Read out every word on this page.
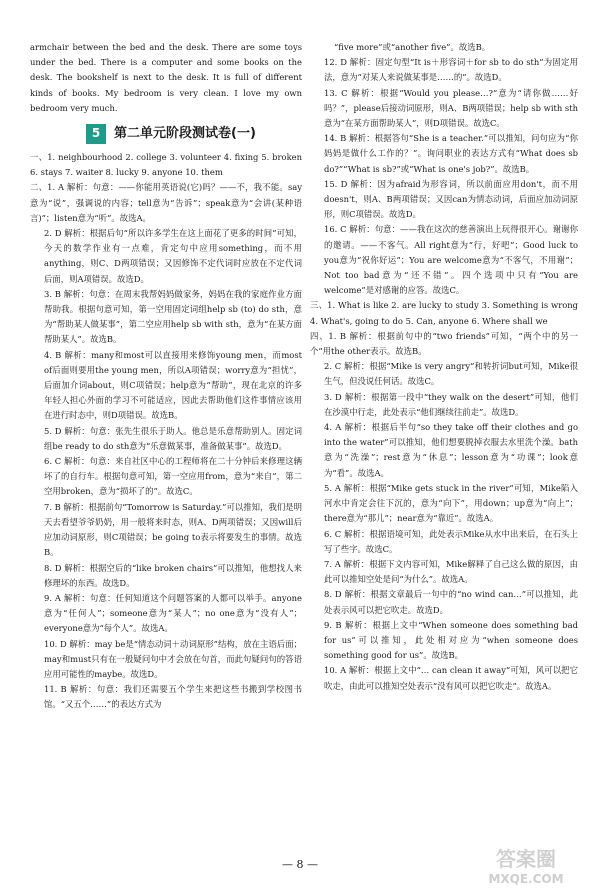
armchair between the bed and the desk. There are some toys under the bed. There is a computer and some books on the desk. The bookshelf is next to the desk. It is full of different kinds of books. My bedroom is very clean. I love my own bedroom very much.

5	第二单元阶段测试卷(一)

一、1. neighbourhood 2. college 3. volunteer 4. fixing 5. broken 6. stays 7. waiter 8. lucky 9. anyone 10. them

二、1. A 解析：句意：——你能用英语说(它)吗？——不，我不能。say意为“说”，强调说的内容；tell意为“告诉”；speak意为“会讲(某种语言)”；listen意为“听”。故选A。

2. D 解析：根据后句“所以许多学生在这上面花了更多的时间”可知，今天的数学作业有一点难，肯定句中应用something，而不用anything，则C、D两项错误；又因修饰不定代词时应放在不定代词后面，则A项错误。故选D。

3. B 解析：句意：在周末我帮妈妈做家务，妈妈在我的家庭作业方面帮助我。根据句意可知，第一空用固定词组help sb (to) do sth，意为“帮助某人做某事”，第二空应用help sb with sth，意为“在某方面帮助某人”。故选B。

4. B 解析：many和most可以直接用来修饰young men，而most of后面则要用the young men，所以A项错误；worry意为“担忧”，后面加介词about，则C项错误；help意为“帮助”，现在北京的许多年轻人担心外面的学习不可能适应，因此去帮助他们这件事情应该用在进行时态中，则D项错误。故选B。

5. D 解析：句意：张先生很乐于助人。他总是乐意帮助别人。固定词组be ready to do sth意为“乐意做某事，准备做某事”。故选D。

6. C 解析：句意：来自社区中心的工程师将在二十分钟后来修理这辆坏了的自行车。根据句意可知，第一空应用from，意为“来自”，第二空用broken，意为“损坏了的”。故选C。

7. B 解析：根据前句“Tomorrow is Saturday.”可以推知，我们是明天去看望爷爷奶奶，用一般将来时态，则A、D两项错误；又因will后应加动词原形，则C项错误；be going to表示将要发生的事情。故选B。

8. D 解析：根据空后的“like broken chairs”可以推知，他想找人来修理坏的东西。故选D。

9. A 解析：句意：任何知道这个问题答案的人都可以举手。anyone意为“任何人”；someone意为“某人”；no one意为“没有人”；everyone意为“每个人”。故选A。

10. D 解析：may be是“情态动词＋动词原形”结构，放在主语后面；may和must只有在一般疑问句中才会放在句首，而此句疑问句的答语应用可能性的maybe。故选D。

11. B 解析：句意：我们还需要五个学生来把这些书搬到学校图书馆。“又五个……”的表达方式为

“five more”或“another five”。故选B。

12. D 解析：固定句型“It is＋形容词＋for sb to do sth”为固定用法，意为“对某人来说做某事是……的”。故选D。

13. C 解析：根据“Would you please…?”意为“请你做……好吗？”，please后接动词原形，则A、B两项错误；help sb with sth意为“在某方面帮助某人”，则D项错误。故选C。

14. B 解析：根据答句“She is a teacher.”可以推知，问句应为“你妈妈是做什么工作的？”。询问职业的表达方式有“What does sb do?”“What is sb?”或“What is one's job?”。故选B。

15. D 解析：因为afraid为形容词，所以前面应用don't，而不用doesn't，则A、B两项错误；又因can为情态动词，后面应加动词原形，则C项错误。故选D。

16. C 解析：句意：——我在这次的慈善演出上玩得很开心。谢谢你的邀请。——不客气。All right意为“行，好吧”；Good luck to you意为“祝你好运”；You are welcome意为“不客气，不用谢”；Not too bad意为“还不错”。四个选项中只有“You are welcome”是对感谢的应答。故选C。

三、1. What is like 2. are lucky to study 3. Something is wrong 4. What's, going to do 5. Can, anyone 6. Where shall we

四、1. B 解析：根据前句中的“two friends”可知，“两个中的另一个”用the other表示。故选B。

2. C 解析：根据“Mike is very angry”和转折词but可知，Mike很生气，但没说任何话。故选C。

3. D 解析：根据第一段中“they walk on the desert”可知，他们在沙漠中行走，此处表示“他们继续往前走”。故选D。

4. A 解析：根据后半句“so they take off their clothes and go into the water”可以推知，他们想要脱掉衣服去水里洗个澡。bath意为“洗澡”；rest意为“休息”；lesson意为“功课”；look意为“看”。故选A。

5. A 解析：根据“Mike gets stuck in the river”可知，Mike陷入河水中肯定会往下沉的，意为“向下”，用down；up意为“向上”；there意为“那儿”；near意为“靠近”。故选A。

6. C 解析：根据语境可知，此处表示Mike从水中出来后，在石头上写了些字。故选C。

7. A 解析：根据下文内容可知，Mike解释了自己这么做的原因，由此可以推知空处是问“为什么”。故选A。

8. D 解析：根据文章最后一句中的“no wind can…”可以推知，此处表示风可以把它吹走。故选D。

9. B 解析：根据上文中“When someone does something bad for us”可以推知，此处相对应为“when someone does something good for us”。故选B。

10. A 解析：根据上文中“… can clean it away”可知，风可以把它吹走，由此可以推知空处表示“没有风可以把它吹走”。故选A。

— 8 —	答案圈
MXQE.COM
